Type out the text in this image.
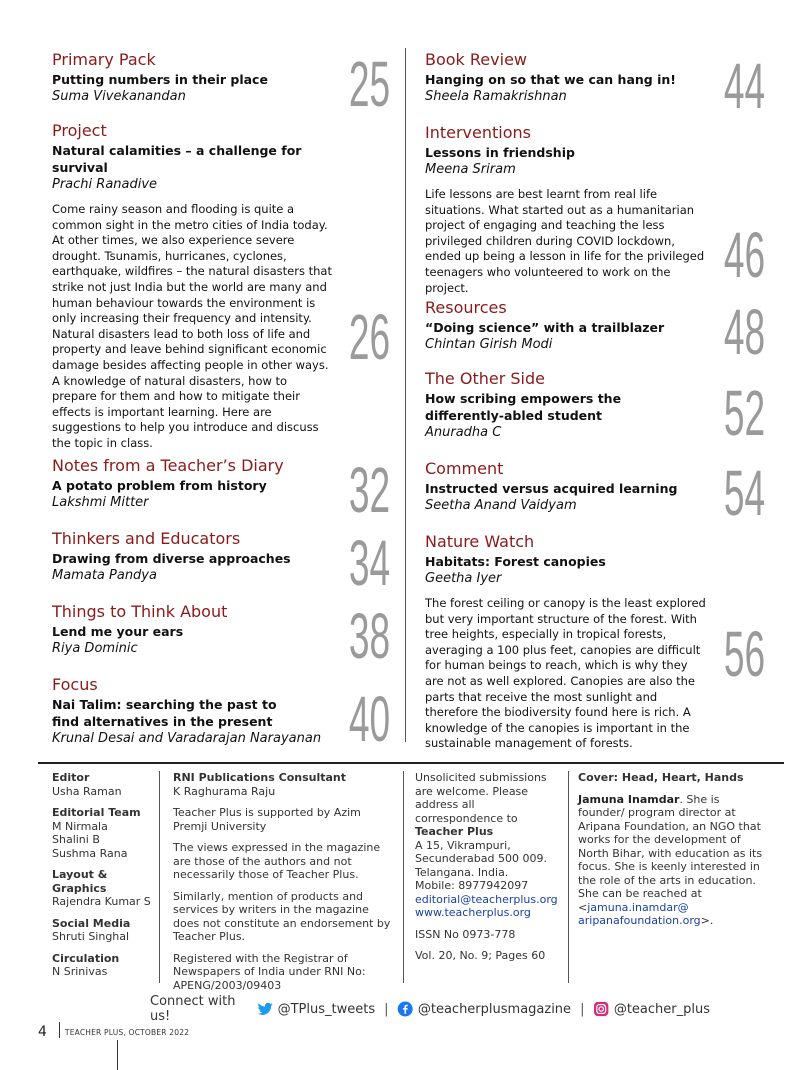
Primary Pack
Putting numbers in their place
Suma Vivekanandan	25
Project
Natural calamities – a challenge for survival
Prachi Ranadive
Come rainy season and flooding is quite a common sight in the metro cities of India today. At other times, we also experience severe drought. Tsunamis, hurricanes, cyclones, earthquake, wildfires – the natural disasters that strike not just India but the world are many and human behaviour towards the environment is only increasing their frequency and intensity. Natural disasters lead to both loss of life and property and leave behind significant economic damage besides affecting people in other ways. A knowledge of natural disasters, how to prepare for them and how to mitigate their effects is important learning. Here are suggestions to help you introduce and discuss the topic in class.
26
Notes from a Teacher’s Diary
A potato problem from history
Lakshmi Mitter	32
Thinkers and Educators
Drawing from diverse approaches
Mamata Pandya	34
Things to Think About
Lend me your ears
Riya Dominic	38
Focus
Nai Talim: searching the past to find alternatives in the present
Krunal Desai and Varadarajan Narayanan 40
Book Review
Hanging on so that we can hang in!
Sheela Ramakrishnan	44
Interventions
Lessons in friendship
Meena Sriram
Life lessons are best learnt from real life situations. What started out as a humanitarian project of engaging and teaching the less privileged children during COVID lockdown, ended up being a lesson in life for the privileged teenagers who volunteered to work on the project.	46
Resources
“Doing science” with a trailblazer
Chintan Girish Modi	48
The Other Side
How scribing empowers the differently-abled student
Anuradha C	52
Comment
Instructed versus acquired learning
Seetha Anand Vaidyam	54
Nature Watch
Habitats: Forest canopies
Geetha Iyer
The forest ceiling or canopy is the least explored but very important structure of the forest. With tree heights, especially in tropical forests, averaging a 100 plus feet, canopies are difficult for human beings to reach, which is why they are not as well explored. Canopies are also the parts that receive the most sunlight and therefore the biodiversity found here is rich. A knowledge of the canopies is important in the sustainable management of forests.
56
Editor
Usha Raman
Editorial Team
M Nirmala
Shalini B
Sushma Rana
Layout & Graphics
Rajendra Kumar S
Social Media
Shruti Singhal
Circulation
N Srinivas
RNI Publications Consultant
K Raghurama Raju
Teacher Plus is supported by Azim Premji University
The views expressed in the magazine are those of the authors and not necessarily those of Teacher Plus.
Similarly, mention of products and services by writers in the magazine does not constitute an endorsement by Teacher Plus.
Registered with the Registrar of Newspapers of India under RNI No: APENG/2003/09403
Unsolicited submissions are welcome. Please address all correspondence to
Teacher Plus
A 15, Vikrampuri,
Secunderabad 500 009.
Telangana. India.
Mobile: 8977942097
editorial@teacherplus.org
www.teacherplus.org
ISSN No 0973-778
Vol. 20, No. 9; Pages 60
Cover: Head, Heart, Hands
Jamuna Inamdar. She is founder/ program director at Aripana Foundation, an NGO that works for the development of North Bihar, with education as its focus. She is keenly interested in the role of the arts in education. She can be reached at <jamuna.inamdar@ aripanafoundation.org>.
Connect with us!	@TPlus_tweets | @teacherplusmagazine | @teacher_plus
4 TEACHER PLUS, OCTOBER 2022
